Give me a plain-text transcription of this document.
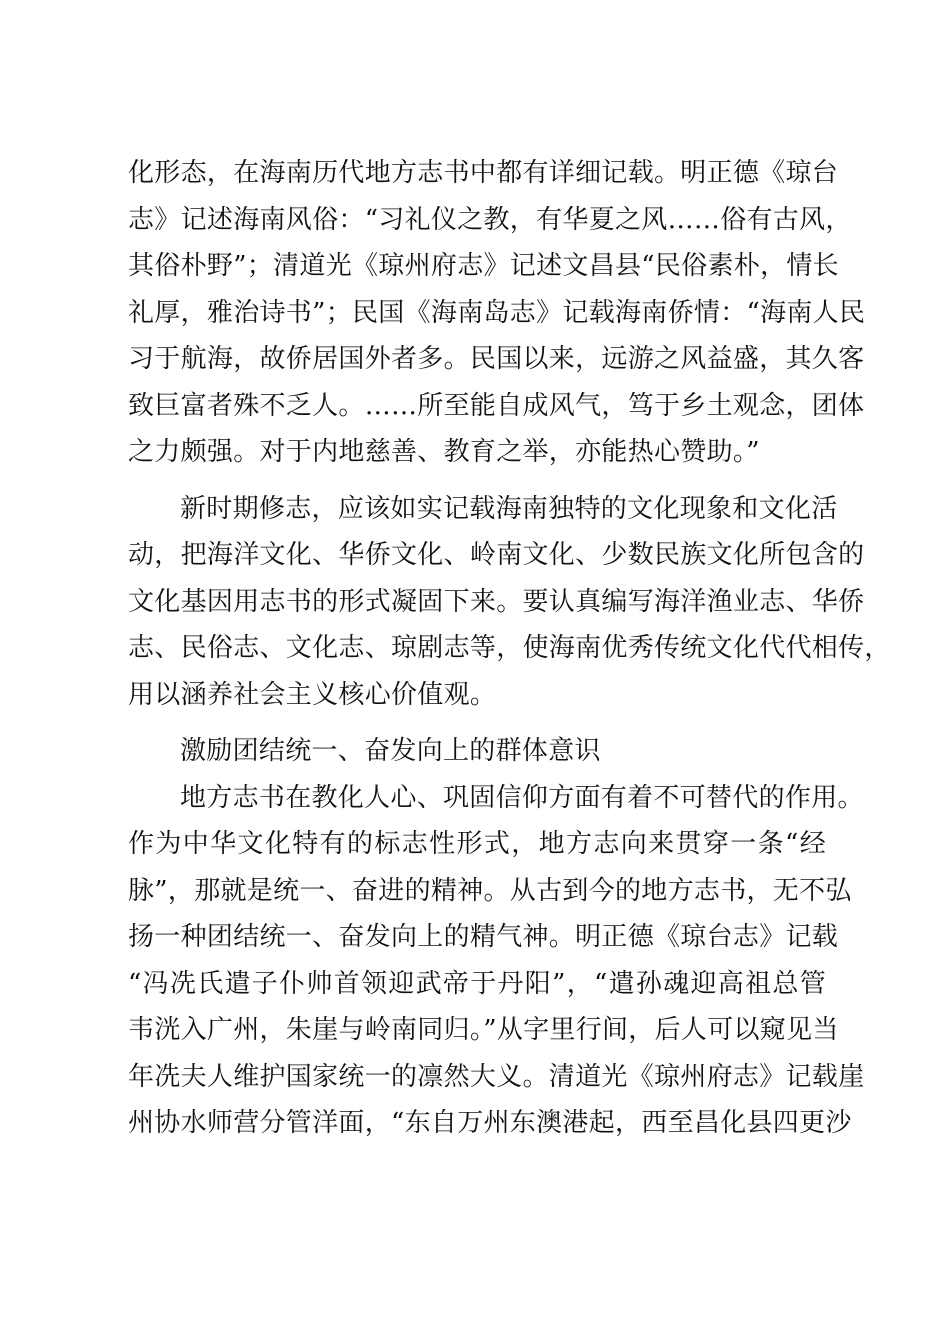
化形态，在海南历代地方志书中都有详细记载。明正德《琼台
志》记述海南风俗：“习礼仪之教，有华夏之风……俗有古风，
其俗朴野”；清道光《琼州府志》记述文昌县“民俗素朴，情长
礼厚，雅治诗书”；民国《海南岛志》记载海南侨情：“海南人民
习于航海，故侨居国外者多。民国以来，远游之风益盛，其久客
致巨富者殊不乏人。……所至能自成风气，笃于乡土观念，团体
之力颇强。对于内地慈善、教育之举，亦能热心赞助。”
新时期修志，应该如实记载海南独特的文化现象和文化活
动，把海洋文化、华侨文化、岭南文化、少数民族文化所包含的
文化基因用志书的形式凝固下来。要认真编写海洋渔业志、华侨
志、民俗志、文化志、琼剧志等，使海南优秀传统文化代代相传，
用以涵养社会主义核心价值观。
激励团结统一、奋发向上的群体意识
地方志书在教化人心、巩固信仰方面有着不可替代的作用。
作为中华文化特有的标志性形式，地方志向来贯穿一条“经
脉”，那就是统一、奋进的精神。从古到今的地方志书，无不弘
扬一种团结统一、奋发向上的精气神。明正德《琼台志》记载
“冯冼氏遣子仆帅首领迎武帝于丹阳”，“遣孙魂迎高祖总管
韦洸入广州，朱崖与岭南同归。”从字里行间，后人可以窥见当
年冼夫人维护国家统一的凛然大义。清道光《琼州府志》记载崖
州协水师营分管洋面，“东自万州东澳港起，西至昌化县四更沙
